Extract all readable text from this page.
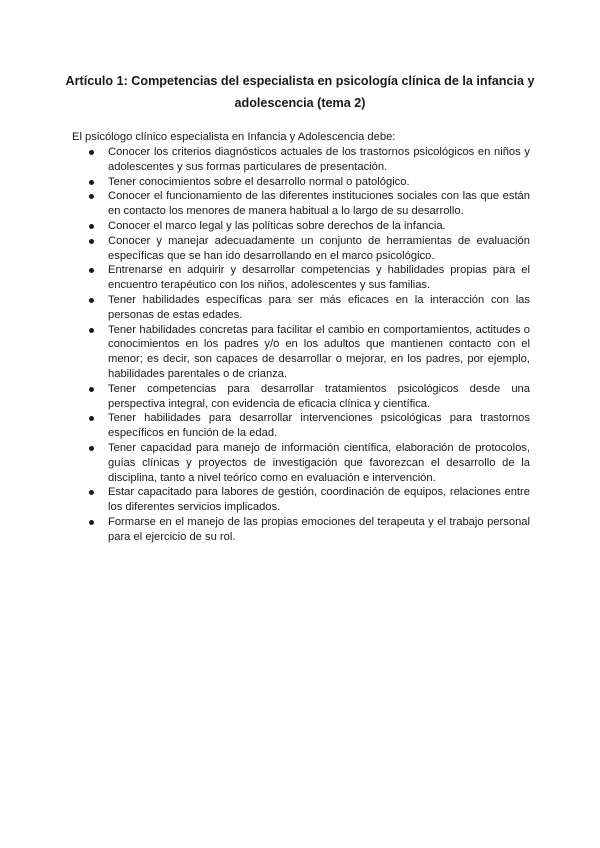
Artículo 1: Competencias del especialista en psicología clínica de la infancia y adolescencia (tema 2)

El psicólogo clínico especialista en Infancia y Adolescencia debe:

Conocer los criterios diagnósticos actuales de los trastornos psicológicos en niños y adolescentes y sus formas particulares de presentación.
Tener conocimientos sobre el desarrollo normal o patológico.
Conocer el funcionamiento de las diferentes instituciones sociales con las que están en contacto los menores de manera habitual a lo largo de su desarrollo.
Conocer el marco legal y las políticas sobre derechos de la infancia.
Conocer y manejar adecuadamente un conjunto de herramientas de evaluación específicas que se han ido desarrollando en el marco psicológico.
Entrenarse en adquirir y desarrollar competencias y habilidades propias para el encuentro terapéutico con los niños, adolescentes y sus familias.
Tener habilidades específicas para ser más eficaces en la interacción con las personas de estas edades.
Tener habilidades concretas para facilitar el cambio en comportamientos, actitudes o conocimientos en los padres y/o en los adultos que mantienen contacto con el menor; es decir, son capaces de desarrollar o mejorar, en los padres, por ejemplo, habilidades parentales o de crianza.
Tener competencias para desarrollar tratamientos psicológicos desde una perspectiva integral, con evidencia de eficacia clínica y científica.
Tener habilidades para desarrollar intervenciones psicológicas para trastornos específicos en función de la edad.
Tener capacidad para manejo de información científica, elaboración de protocolos, guías clínicas y proyectos de investigación que favorezcan el desarrollo de la disciplina, tanto a nivel teórico como en evaluación e intervención.
Estar capacitado para labores de gestión, coordinación de equipos, relaciones entre los diferentes servicios implicados.
Formarse en el manejo de las propias emociones del terapeuta y el trabajo personal para el ejercicio de su rol.
